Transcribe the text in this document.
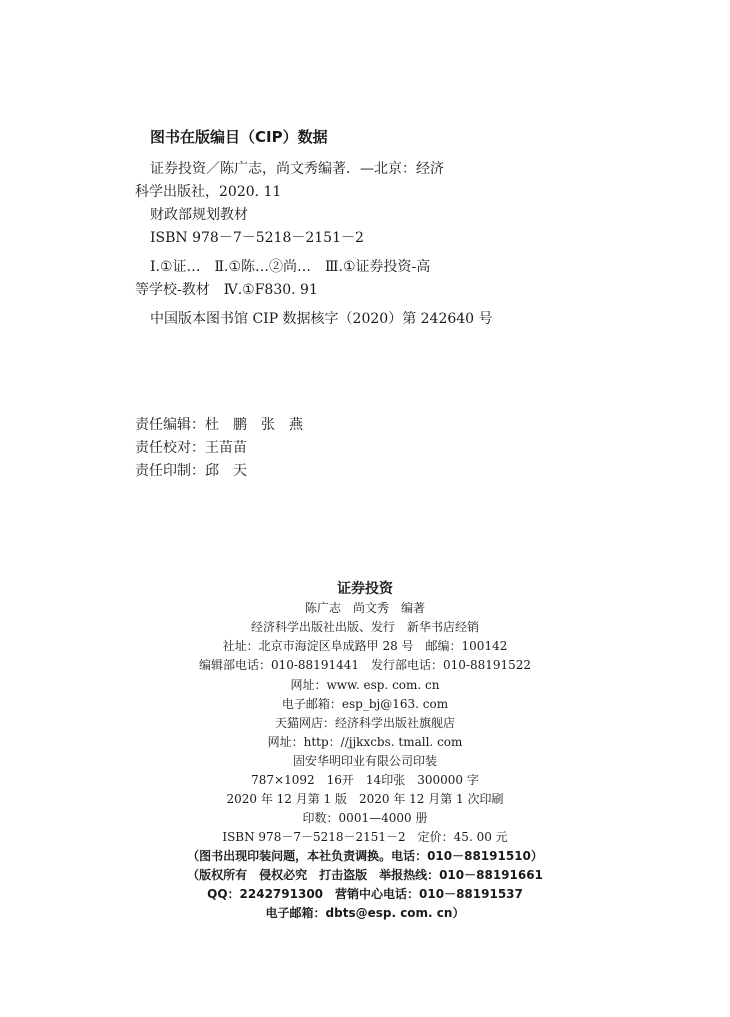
图书在版编目（CIP）数据
证券投资／陈广志，尚文秀编著．—北京：经济
科学出版社，2020. 11
财政部规划教材
ISBN 978－7－5218－2151－2
Ⅰ.①证…　Ⅱ.①陈…②尚…　Ⅲ.①证券投资-高
等学校-教材　Ⅳ.①F830. 91
中国版本图书馆 CIP 数据核字（2020）第 242640 号
责任编辑：杜　鹏　张　燕
责任校对：王苗苗
责任印制：邱　天
证券投资
陈广志　尚文秀　编著
经济科学出版社出版、发行　新华书店经销
社址：北京市海淀区阜成路甲 28 号　邮编：100142
编辑部电话：010-88191441　发行部电话：010-88191522
网址：www. esp. com. cn
电子邮箱：esp_bj@163. com
天猫网店：经济科学出版社旗舰店
网址：http：//jjkxcbs. tmall. com
固安华明印业有限公司印装
787×1092　16开　14印张　300000 字
2020 年 12 月第 1 版　2020 年 12 月第 1 次印刷
印数：0001—4000 册
ISBN 978－7－5218－2151－2　定价：45. 00 元
（图书出现印装问题，本社负责调换。电话：010－88191510）
（版权所有　侵权必究　打击盗版　举报热线：010－88191661
QQ：2242791300　营销中心电话：010－88191537
电子邮箱：dbts@esp. com. cn）
